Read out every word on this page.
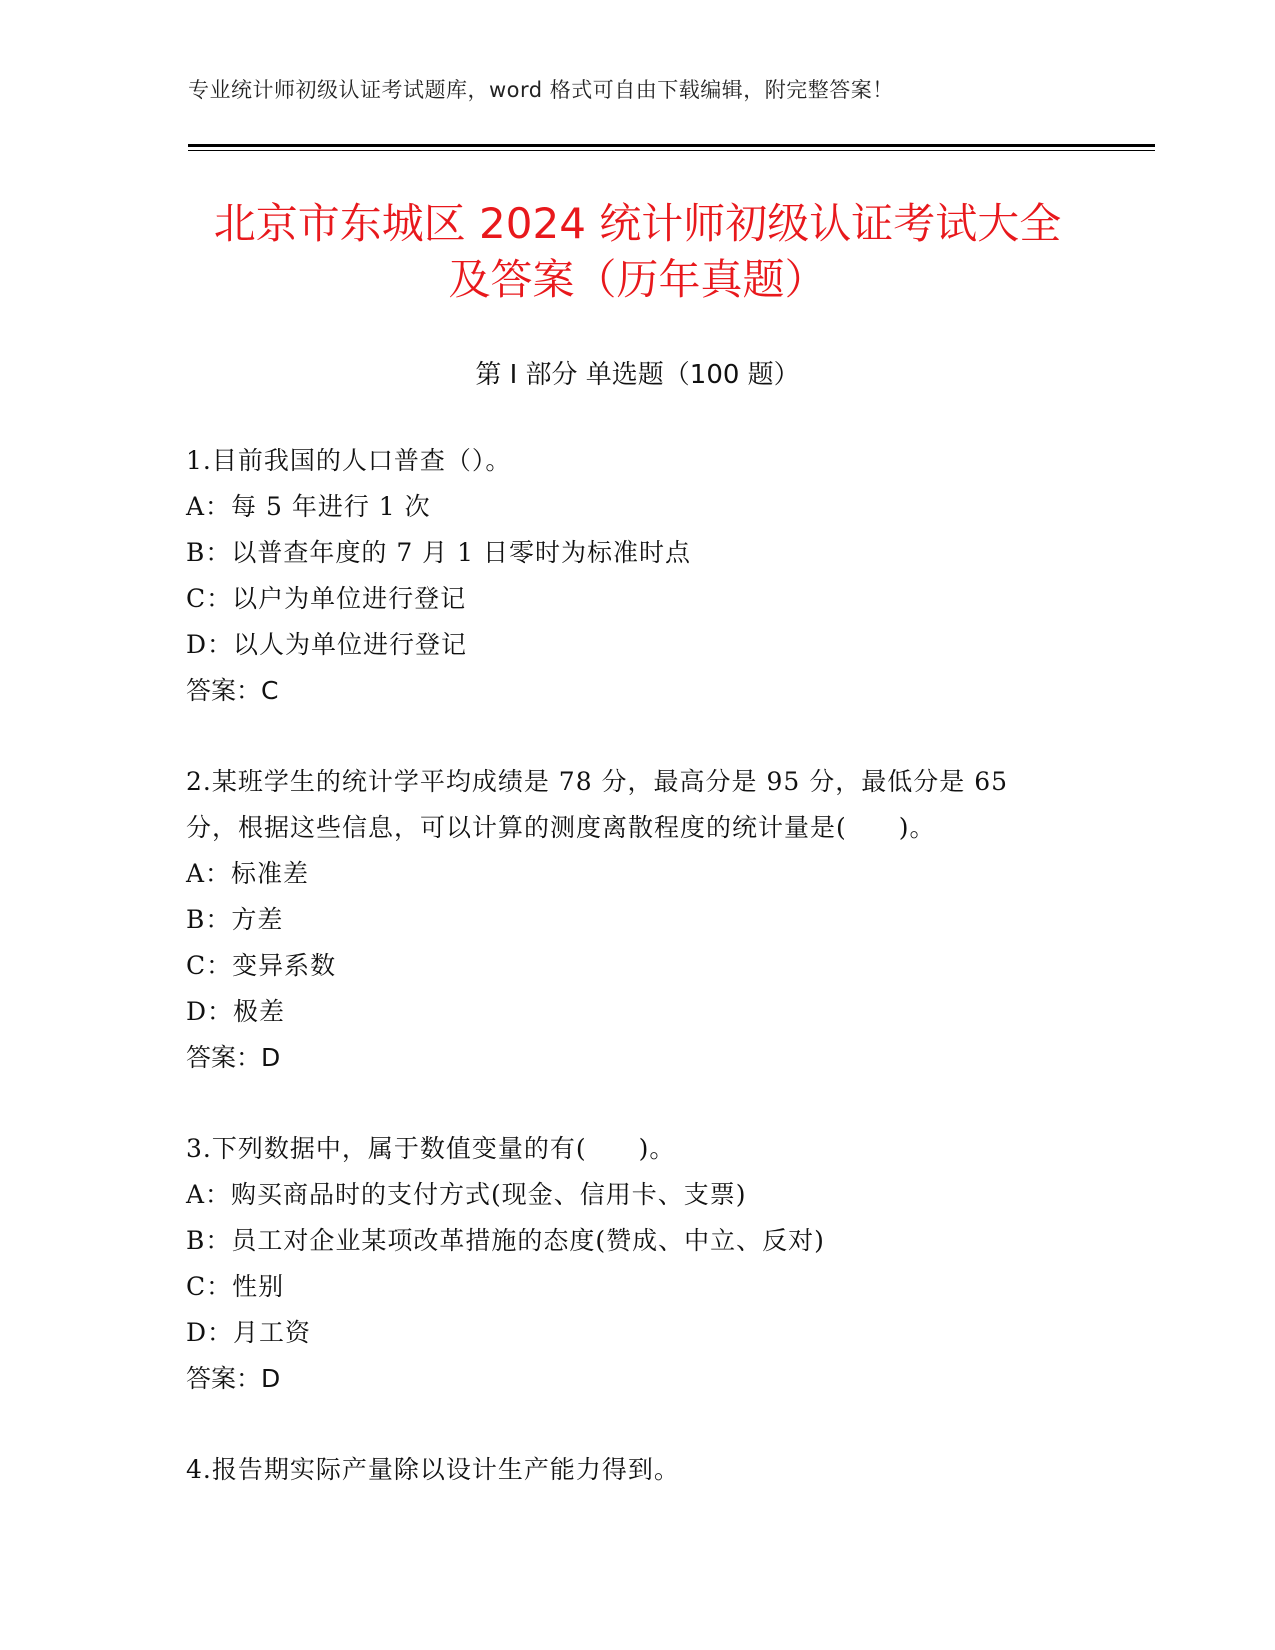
专业统计师初级认证考试题库，word 格式可自由下载编辑，附完整答案！
北京市东城区 2024 统计师初级认证考试大全
及答案（历年真题）
第 I 部分 单选题（100 题）
1.目前我国的人口普查（）。
A：每 5 年进行 1 次
B：以普查年度的 7 月 1 日零时为标准时点
C：以户为单位进行登记
D：以人为单位进行登记
答案：C
2.某班学生的统计学平均成绩是 78 分，最高分是 95 分，最低分是 65
分，根据这些信息，可以计算的测度离散程度的统计量是(　　)。
A：标准差
B：方差
C：变异系数
D：极差
答案：D
3.下列数据中，属于数值变量的有(　　)。
A：购买商品时的支付方式(现金、信用卡、支票)
B：员工对企业某项改革措施的态度(赞成、中立、反对)
C：性别
D：月工资
答案：D
4.报告期实际产量除以设计生产能力得到。
